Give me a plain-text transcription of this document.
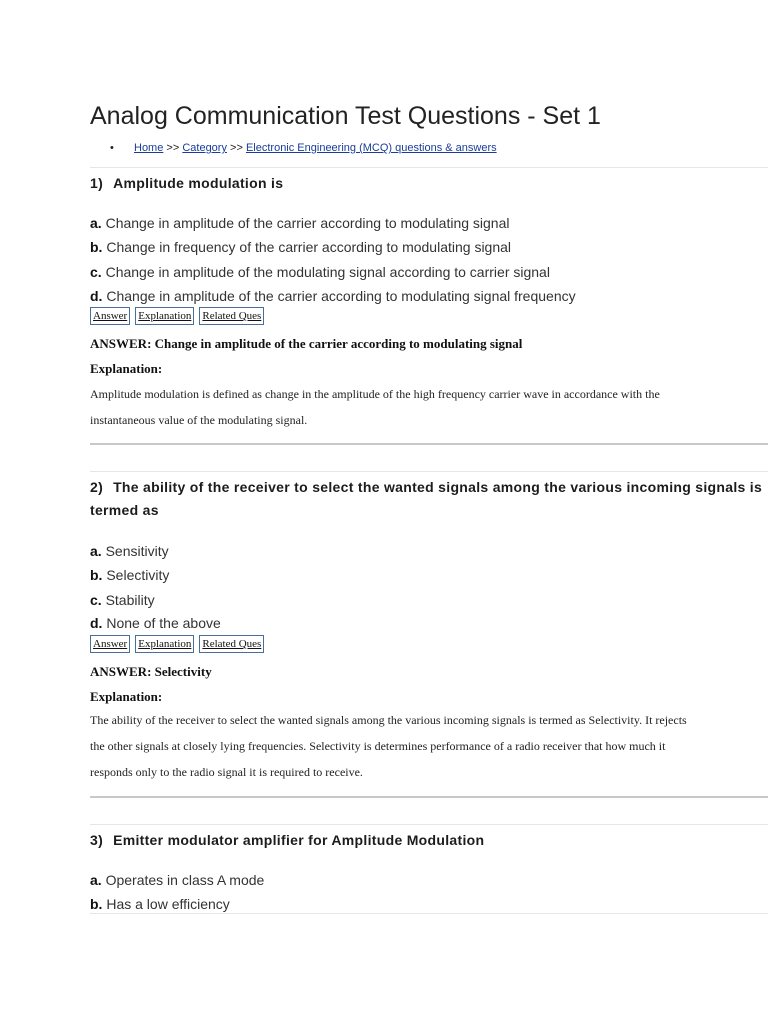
Analog Communication Test Questions - Set 1
• Home >> Category >> Electronic Engineering (MCQ) questions & answers
1) Amplitude modulation is
a. Change in amplitude of the carrier according to modulating signal
b. Change in frequency of the carrier according to modulating signal
c. Change in amplitude of the modulating signal according to carrier signal
d. Change in amplitude of the carrier according to modulating signal frequency
Answer Explanation Related Ques
ANSWER: Change in amplitude of the carrier according to modulating signal
Explanation:
Amplitude modulation is defined as change in the amplitude of the high frequency carrier wave in accordance with the
instantaneous value of the modulating signal.
2) The ability of the receiver to select the wanted signals among the various incoming signals is
termed as
a. Sensitivity
b. Selectivity
c. Stability
d. None of the above
Answer Explanation Related Ques
ANSWER: Selectivity
Explanation:
The ability of the receiver to select the wanted signals among the various incoming signals is termed as Selectivity. It rejects
the other signals at closely lying frequencies. Selectivity is determines performance of a radio receiver that how much it
responds only to the radio signal it is required to receive.
3) Emitter modulator amplifier for Amplitude Modulation
a. Operates in class A mode
b. Has a low efficiency
